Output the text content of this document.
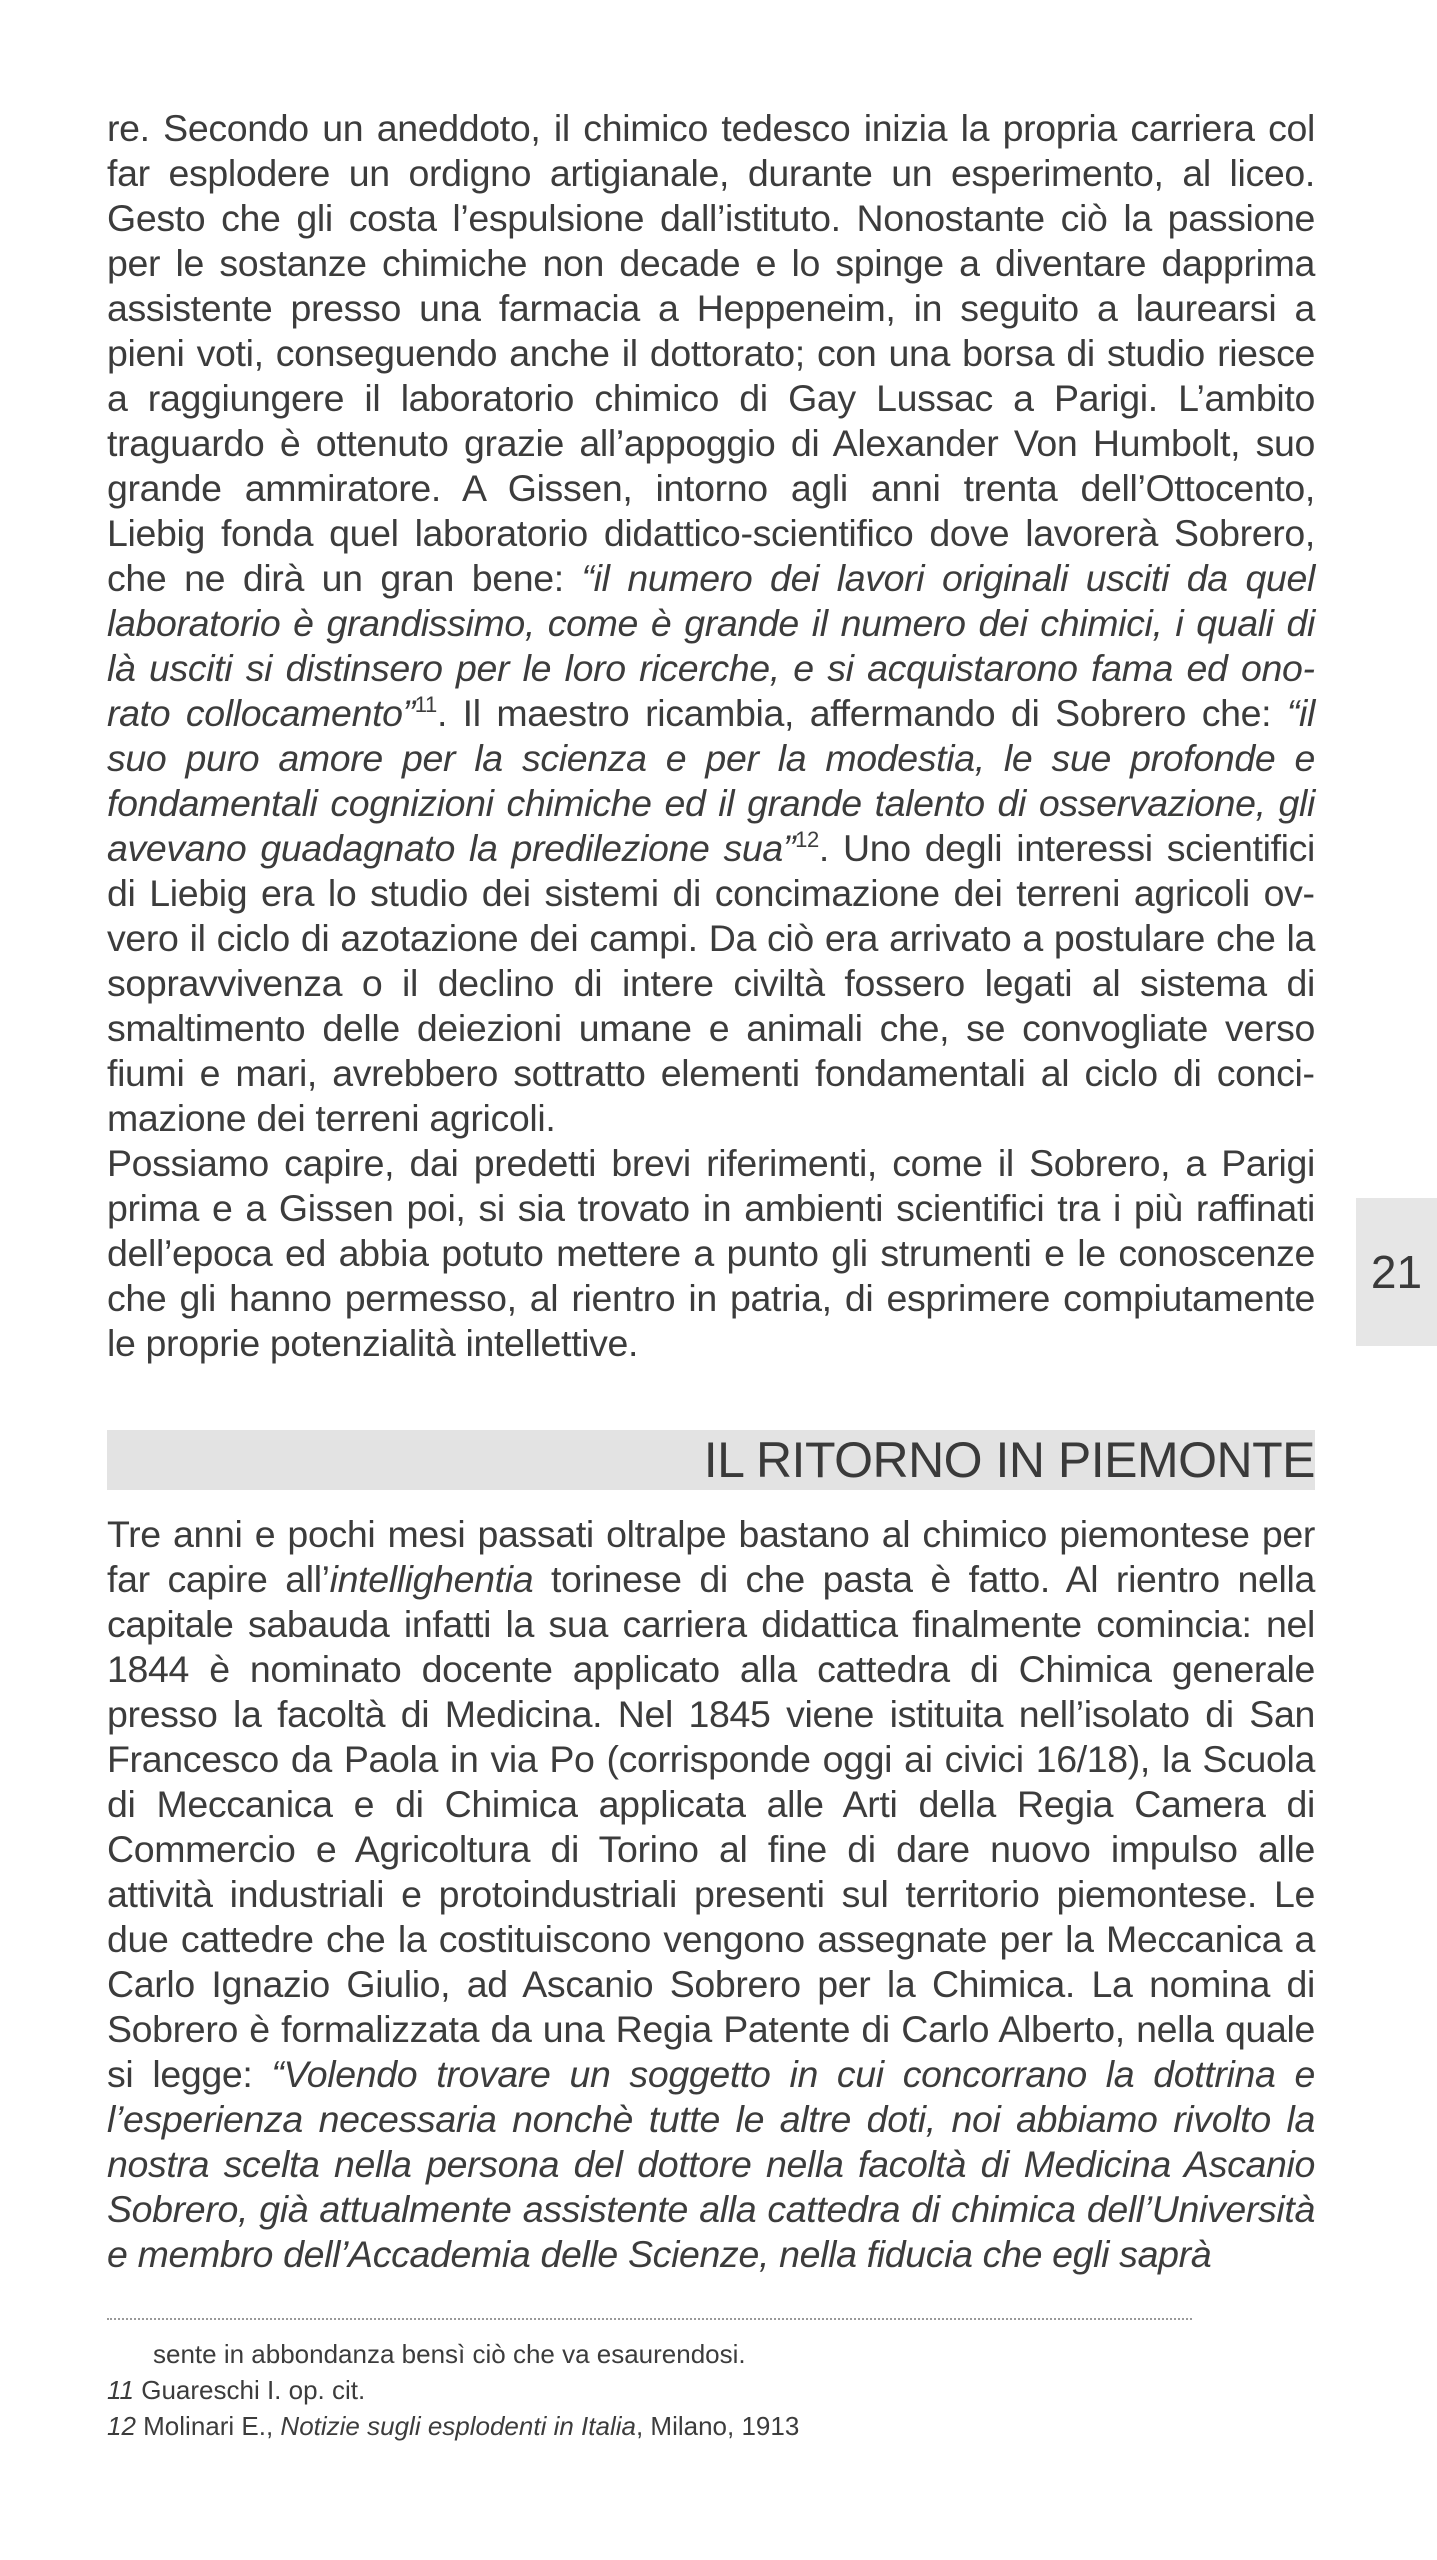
re. Secondo un aneddoto, il chimico tedesco inizia la propria carriera col far esplodere un ordigno artigianale, durante un esperimento, al liceo. Gesto che gli costa l’espulsione dall’istituto. Nonostante ciò la passione per le sostanze chimiche non decade e lo spinge a diventare dapprima assistente presso una farmacia a Heppeneim, in seguito a laurearsi a pieni voti, conseguendo anche il dottorato; con una borsa di studio riesce a raggiungere il laboratorio chimico di Gay Lussac a Parigi. L’ambito traguardo è ottenuto grazie all’appoggio di Alexander Von Humbolt, suo grande ammiratore. A Gissen, intorno agli anni trenta dell’Ottocento, Liebig fonda quel laboratorio didattico-scientifico dove lavorerà Sobrero, che ne dirà un gran bene: “il numero dei lavori originali usciti da quel laboratorio è grandissimo, come è grande il numero dei chimici, i quali di là usciti si distinsero per le loro ricerche, e si acquistarono fama ed onorato collocamento”$^{11}$. Il maestro ricambia, affermando di Sobrero che: “il suo puro amore per la scienza e per la modestia, le sue profonde e fondamentali cognizioni chimiche ed il grande talento di osservazione, gli avevano guadagnato la predilezione sua”$^{12}$. Uno degli interessi scientifici di Liebig era lo studio dei sistemi di concimazione dei terreni agricoli ovvero il ciclo di azotazione dei campi. Da ciò era arrivato a postulare che la sopravvivenza o il declino di intere civiltà fossero legati al sistema di smaltimento delle deiezioni umane e animali che, se convogliate verso fiumi e mari, avrebbero sottratto elementi fondamentali al ciclo di concimazione dei terreni agricoli.

Possiamo capire, dai predetti brevi riferimenti, come il Sobrero, a Parigi prima e a Gissen poi, si sia trovato in ambienti scientifici tra i più raffinati dell’epoca ed abbia potuto mettere a punto gli strumenti e le conoscenze che gli hanno permesso, al rientro in patria, di esprimere compiutamente le proprie potenzialità intellettive.

21
IL RITORNO IN PIEMONTE

Tre anni e pochi mesi passati oltralpe bastano al chimico piemontese per far capire all’intellighentia torinese di che pasta è fatto. Al rientro nella capitale sabauda infatti la sua carriera didattica finalmente comincia: nel 1844 è nominato docente applicato alla cattedra di Chimica generale presso la facoltà di Medicina. Nel 1845 viene istituita nell’isolato di San Francesco da Paola in via Po (corrisponde oggi ai civici 16/18), la Scuola di Meccanica e di Chimica applicata alle Arti della Regia Camera di Commercio e Agricoltura di Torino al fine di dare nuovo impulso alle attività industriali e protoindustriali presenti sul territorio piemontese. Le due cattedre che la costituiscono vengono assegnate per la Meccanica a Carlo Ignazio Giulio, ad Ascanio Sobrero per la Chimica. La nomina di Sobrero è formalizzata da una Regia Patente di Carlo Alberto, nella quale si legge: “Volendo trovare un soggetto in cui concorrano la dottrina e l’esperienza necessaria nonchè tutte le altre doti, noi abbiamo rivolto la nostra scelta nella persona del dottore nella facoltà di Medicina Ascanio Sobrero, già attualmente assistente alla cattedra di chimica dell’Università e membro dell’Accademia delle Scienze, nella fiducia che egli saprà

sente in abbondanza bensì ciò che va esaurendosi.
11 Guareschi I. op. cit.
12 Molinari E., Notizie sugli esplodenti in Italia, Milano, 1913
